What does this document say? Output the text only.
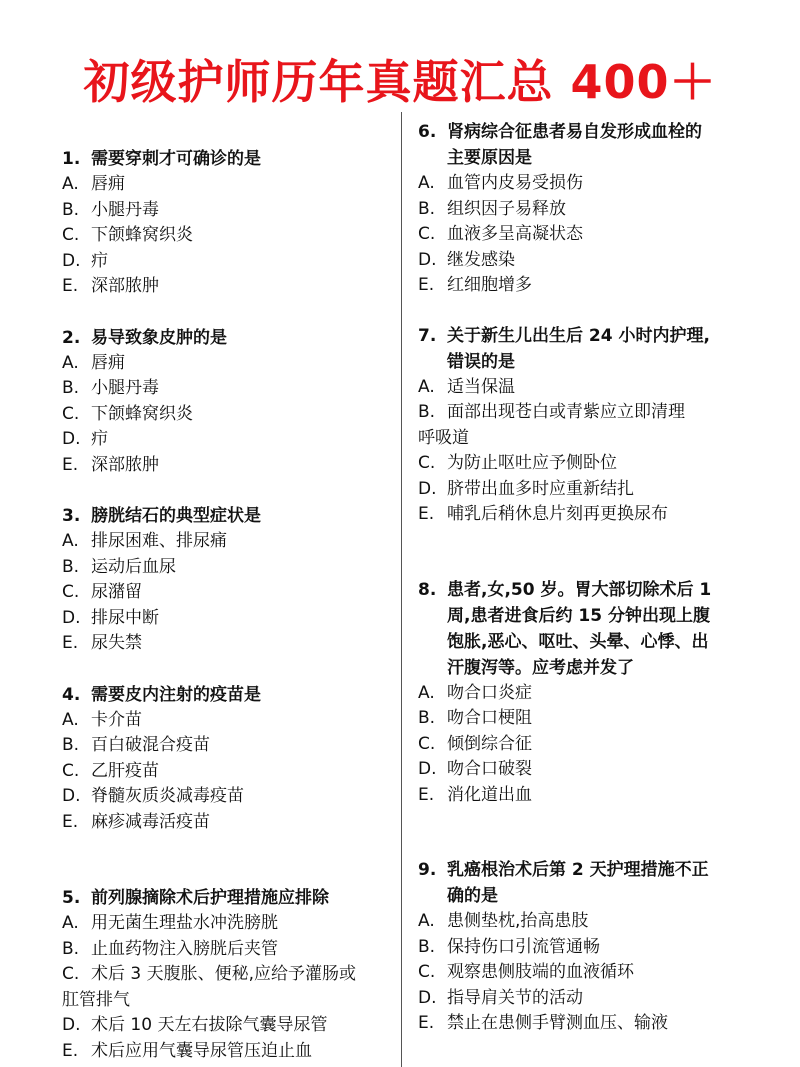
初级护师历年真题汇总 400＋
1. 需要穿刺才可确诊的是
A. 唇痈
B. 小腿丹毒
C. 下颌蜂窝织炎
D. 疖
E. 深部脓肿
2. 易导致象皮肿的是
A. 唇痈
B. 小腿丹毒
C. 下颌蜂窝织炎
D. 疖
E. 深部脓肿
3. 膀胱结石的典型症状是
A. 排尿困难、排尿痛
B. 运动后血尿
C. 尿潴留
D. 排尿中断
E. 尿失禁
4. 需要皮内注射的疫苗是
A. 卡介苗
B. 百白破混合疫苗
C. 乙肝疫苗
D. 脊髓灰质炎减毒疫苗
E. 麻疹减毒活疫苗
5. 前列腺摘除术后护理措施应排除
A. 用无菌生理盐水冲洗膀胱
B. 止血药物注入膀胱后夹管
C. 术后 3 天腹胀、便秘,应给予灌肠或
肛管排气
D. 术后 10 天左右拔除气囊导尿管
E. 术后应用气囊导尿管压迫止血
6. 肾病综合征患者易自发形成血栓的
主要原因是
A. 血管内皮易受损伤
B. 组织因子易释放
C. 血液多呈高凝状态
D. 继发感染
E. 红细胞增多
7. 关于新生儿出生后 24 小时内护理,
错误的是
A. 适当保温
B. 面部出现苍白或青紫应立即清理
呼吸道
C. 为防止呕吐应予侧卧位
D. 脐带出血多时应重新结扎
E. 哺乳后稍休息片刻再更换尿布
8. 患者,女,50 岁。胃大部切除术后 1
周,患者进食后约 15 分钟出现上腹
饱胀,恶心、呕吐、头晕、心悸、出
汗腹泻等。应考虑并发了
A. 吻合口炎症
B. 吻合口梗阻
C. 倾倒综合征
D. 吻合口破裂
E. 消化道出血
9. 乳癌根治术后第 2 天护理措施不正
确的是
A. 患侧垫枕,抬高患肢
B. 保持伤口引流管通畅
C. 观察患侧肢端的血液循环
D. 指导肩关节的活动
E. 禁止在患侧手臂测血压、输液
